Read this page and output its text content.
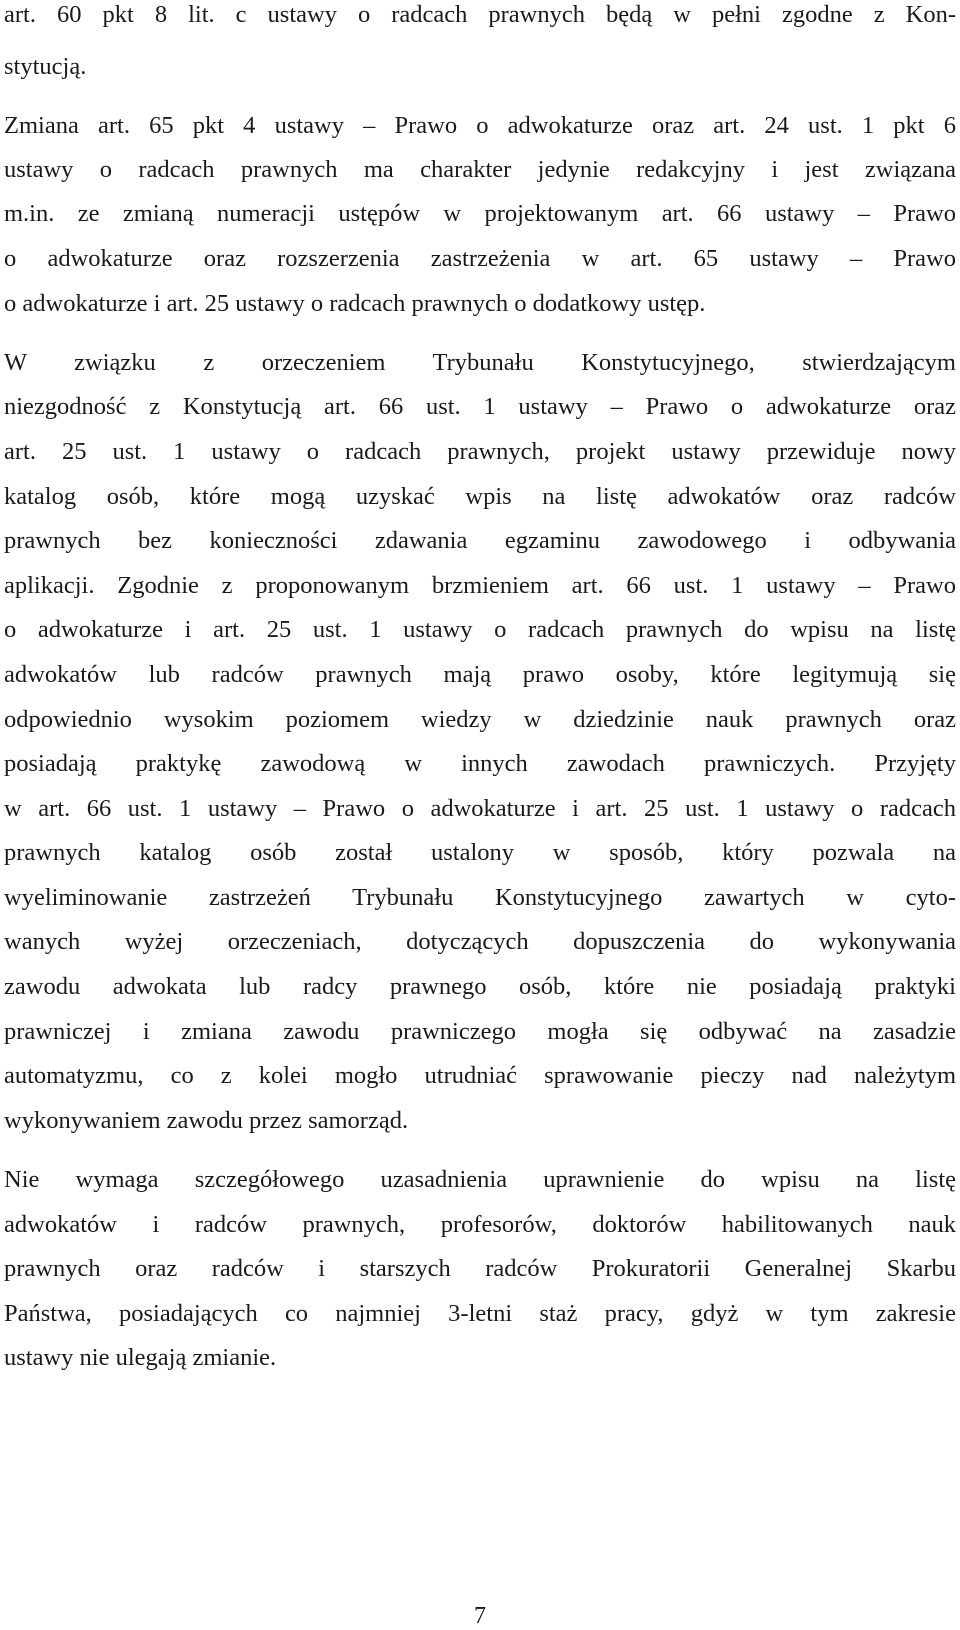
art. 60 pkt 8 lit. c ustawy o radcach prawnych będą w pełni zgodne z Kon-
stytucją.
Zmiana art. 65 pkt 4 ustawy – Prawo o adwokaturze oraz art. 24 ust. 1 pkt 6
ustawy o radcach prawnych ma charakter jedynie redakcyjny i jest związana
m.in. ze zmianą numeracji ustępów w projektowanym art. 66 ustawy – Prawo
o adwokaturze oraz rozszerzenia zastrzeżenia w art. 65 ustawy – Prawo
o adwokaturze i art. 25 ustawy o radcach prawnych o dodatkowy ustęp.
W związku z orzeczeniem Trybunału Konstytucyjnego, stwierdzającym
niezgodność z Konstytucją art. 66 ust. 1 ustawy – Prawo o adwokaturze oraz
art. 25 ust. 1 ustawy o radcach prawnych, projekt ustawy przewiduje nowy
katalog osób, które mogą uzyskać wpis na listę adwokatów oraz radców
prawnych bez konieczności zdawania egzaminu zawodowego i odbywania
aplikacji. Zgodnie z proponowanym brzmieniem art. 66 ust. 1 ustawy – Prawo
o adwokaturze i art. 25 ust. 1 ustawy o radcach prawnych do wpisu na listę
adwokatów lub radców prawnych mają prawo osoby, które legitymują się
odpowiednio wysokim poziomem wiedzy w dziedzinie nauk prawnych oraz
posiadają praktykę zawodową w innych zawodach prawniczych. Przyjęty
w art. 66 ust. 1 ustawy – Prawo o adwokaturze i art. 25 ust. 1 ustawy o radcach
prawnych katalog osób został ustalony w sposób, który pozwala na
wyeliminowanie zastrzeżeń Trybunału Konstytucyjnego zawartych w cyto-
wanych wyżej orzeczeniach, dotyczących dopuszczenia do wykonywania
zawodu adwokata lub radcy prawnego osób, które nie posiadają praktyki
prawniczej i zmiana zawodu prawniczego mogła się odbywać na zasadzie
automatyzmu, co z kolei mogło utrudniać sprawowanie pieczy nad należytym
wykonywaniem zawodu przez samorząd.
Nie wymaga szczegółowego uzasadnienia uprawnienie do wpisu na listę
adwokatów i radców prawnych, profesorów, doktorów habilitowanych nauk
prawnych oraz radców i starszych radców Prokuratorii Generalnej Skarbu
Państwa, posiadających co najmniej 3-letni staż pracy, gdyż w tym zakresie
ustawy nie ulegają zmianie.
7
